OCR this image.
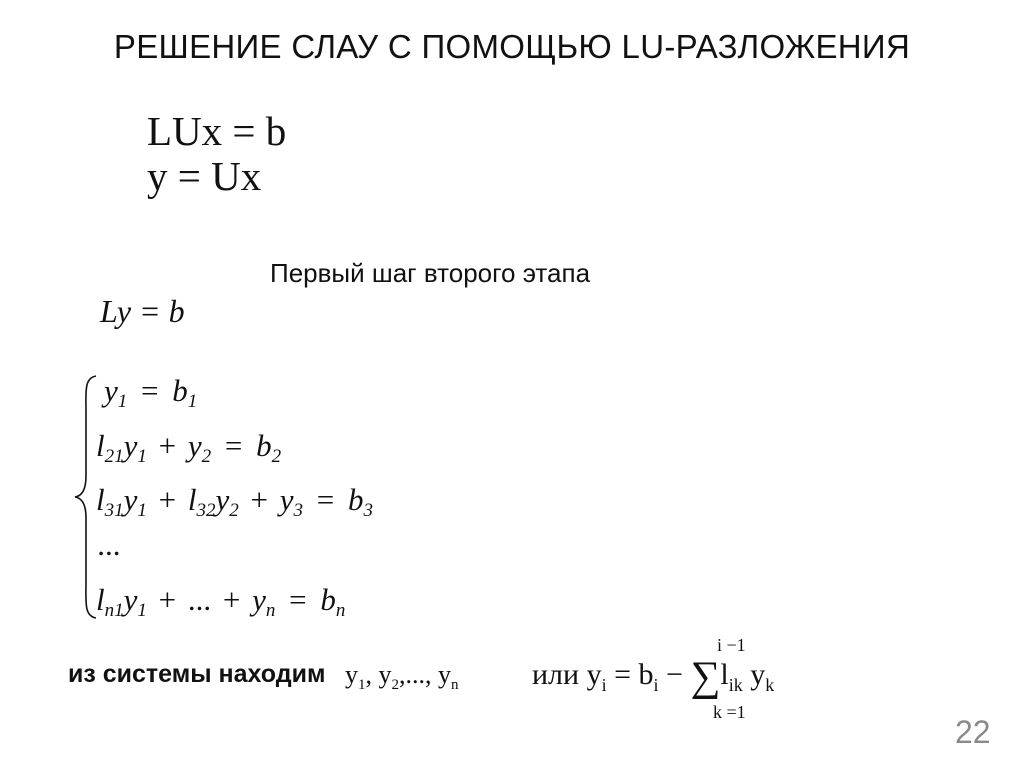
РЕШЕНИЕ СЛАУ С ПОМОЩЬЮ LU-РАЗЛОЖЕНИЯ
LUx = b
y = Ux
Первый шаг второго этапа
Ly = b
$y_1 = b_1$
$l_{21}y_1 + y_2 = b_2$
$l_{31}y_1 + l_{32}y_2 + y_3 = b_3$
...
$l_{n1}y_1$ + ... + $y_n = b_n$
из системы находим $y_1$, $y_2$,..., $y_n$ или $y_i = b_i - \sum l_{ik}$ $y_k$
i −1
k =1
22
